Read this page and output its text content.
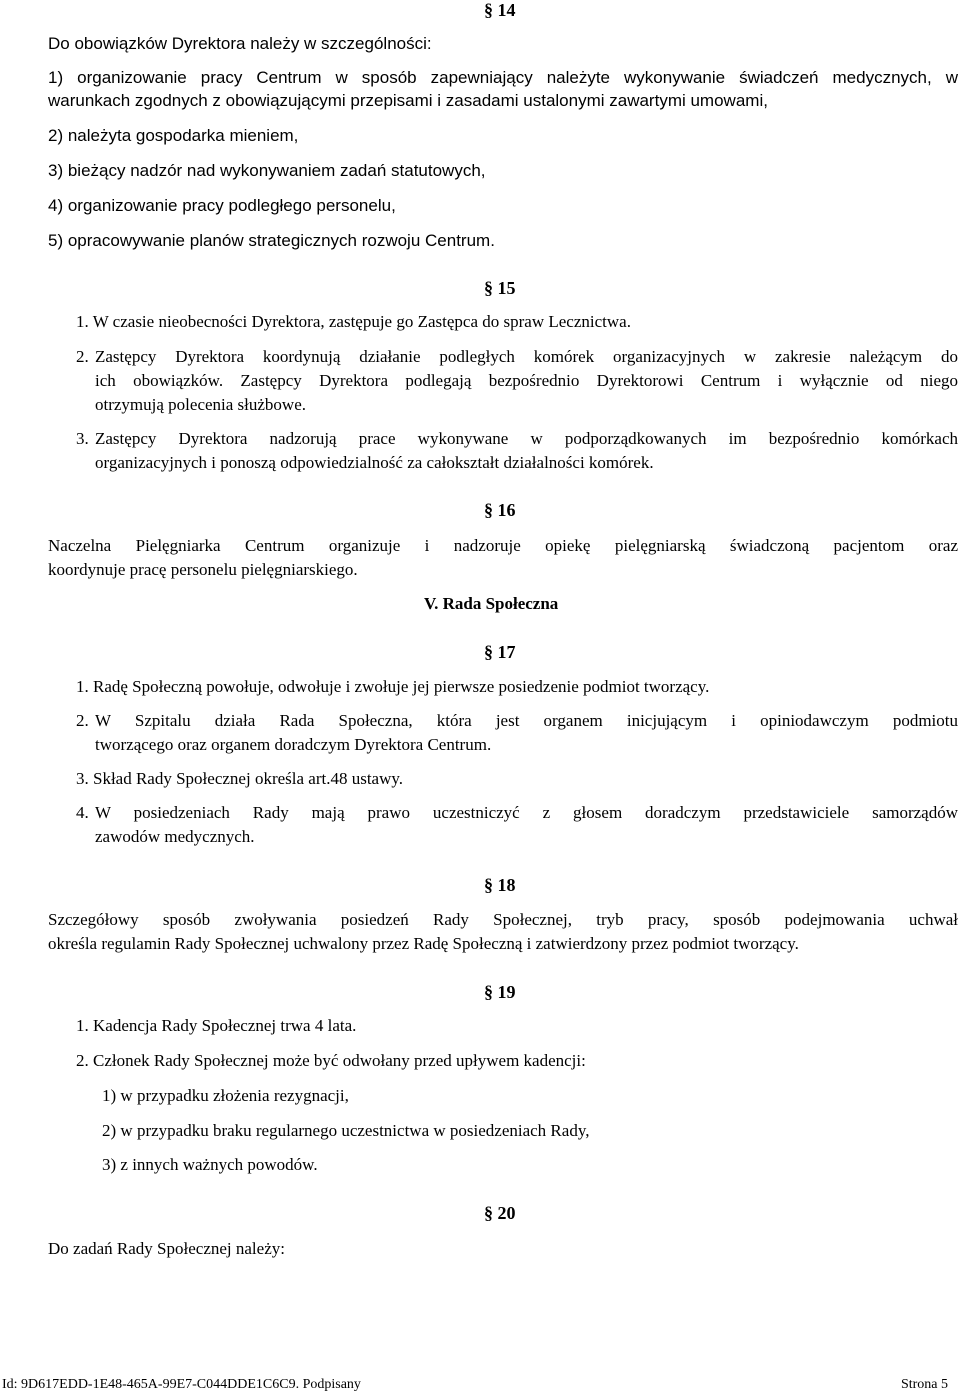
§ 14
Do obowiązków Dyrektora należy w szczególności:
1) organizowanie pracy Centrum w sposób zapewniający należyte wykonywanie świadczeń medycznych, w
warunkach zgodnych z obowiązującymi przepisami i zasadami ustalonymi zawartymi umowami,
2) należyta gospodarka mieniem,
3) bieżący nadzór nad wykonywaniem zadań statutowych,
4) organizowanie pracy podległego personelu,
5) opracowywanie planów strategicznych rozwoju Centrum.
§ 15
1. W czasie nieobecności Dyrektora, zastępuje go Zastępca do spraw Lecznictwa.
2. Zastępcy Dyrektora koordynują działanie podległych komórek organizacyjnych w zakresie należącym do
ich obowiązków. Zastępcy Dyrektora podlegają bezpośrednio Dyrektorowi Centrum i wyłącznie od niego
otrzymują polecenia służbowe.
3. Zastępcy Dyrektora nadzorują prace wykonywane w podporządkowanych im bezpośrednio komórkach
organizacyjnych i ponoszą odpowiedzialność za całokształt działalności komórek.
§ 16
Naczelna Pielęgniarka Centrum organizuje i nadzoruje opiekę pielęgniarską świadczoną pacjentom oraz
koordynuje pracę personelu pielęgniarskiego.
V. Rada Społeczna
§ 17
1. Radę Społeczną powołuje, odwołuje i zwołuje jej pierwsze posiedzenie podmiot tworzący.
2. W Szpitalu działa Rada Społeczna, która jest organem inicjującym i opiniodawczym podmiotu
tworzącego oraz organem doradczym Dyrektora Centrum.
3. Skład Rady Społecznej określa art.48 ustawy.
4. W posiedzeniach Rady mają prawo uczestniczyć z głosem doradczym przedstawiciele samorządów
zawodów medycznych.
§ 18
Szczegółowy sposób zwoływania posiedzeń Rady Społecznej, tryb pracy, sposób podejmowania uchwał
określa regulamin Rady Społecznej uchwalony przez Radę Społeczną i zatwierdzony przez podmiot tworzący.
§ 19
1. Kadencja Rady Społecznej trwa 4 lata.
2. Członek Rady Społecznej może być odwołany przed upływem kadencji:
1) w przypadku złożenia rezygnacji,
2) w przypadku braku regularnego uczestnictwa w posiedzeniach Rady,
3) z innych ważnych powodów.
§ 20
Do zadań Rady Społecznej należy:
Id: 9D617EDD-1E48-465A-99E7-C044DDE1C6C9. Podpisany	Strona 5
